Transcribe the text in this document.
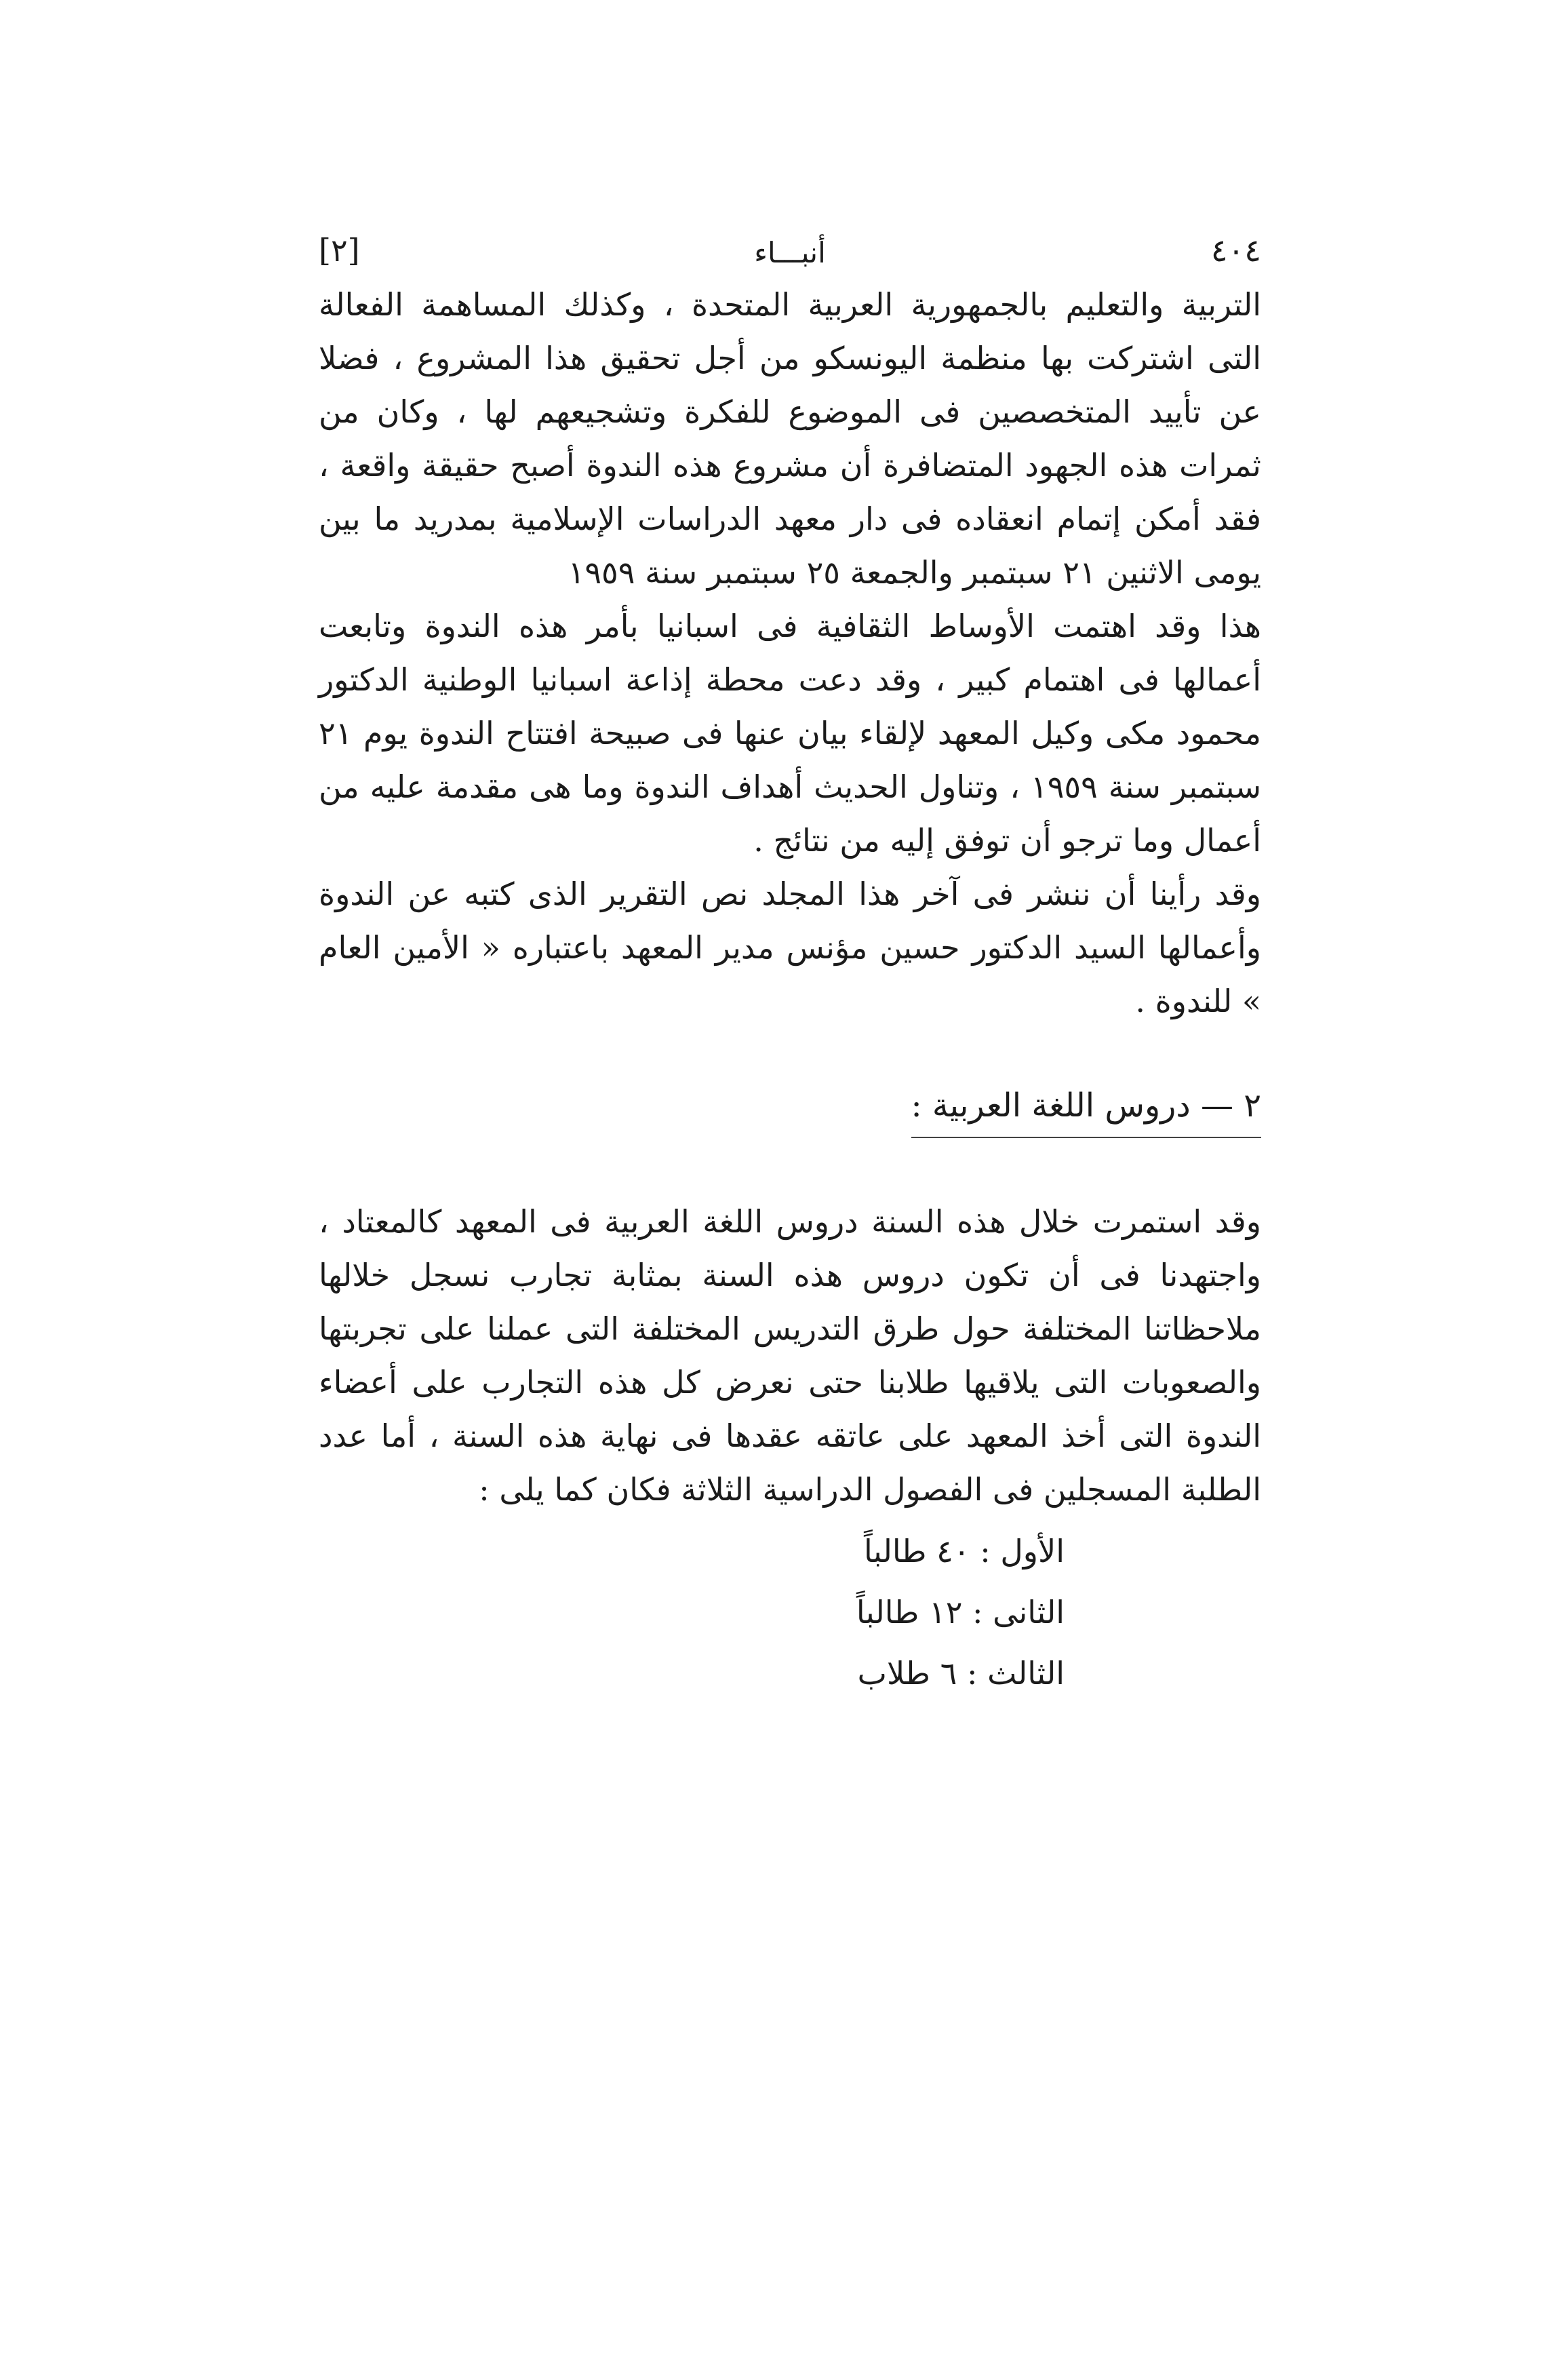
٤٠٤
أنبـــاء
[٢]

التربية والتعليم بالجمهورية العربية المتحدة ، وكذلك المساهمة الفعالة التى اشتركت بها منظمة اليونسكو من أجل تحقيق هذا المشروع ، فضلا عن تأييد المتخصصين فى الموضوع للفكرة وتشجيعهم لها ، وكان من ثمرات هذه الجهود المتضافرة أن مشروع هذه الندوة أصبح حقيقة واقعة ، فقد أمكن إتمام انعقاده فى دار معهد الدراسات الإسلامية بمدريد ما بين يومى الاثنين ٢١ سبتمبر والجمعة ٢٥ سبتمبر سنة ١٩٥٩

هذا وقد اهتمت الأوساط الثقافية فى اسبانيا بأمر هذه الندوة وتابعت أعمالها فى اهتمام كبير ، وقد دعت محطة إذاعة اسبانيا الوطنية الدكتور محمود مكى وكيل المعهد لإلقاء بيان عنها فى صبيحة افتتاح الندوة يوم ٢١ سبتمبر سنة ١٩٥٩ ، وتناول الحديث أهداف الندوة وما هى مقدمة عليه من أعمال وما ترجو أن توفق إليه من نتائج .

وقد رأينا أن ننشر فى آخر هذا المجلد نص التقرير الذى كتبه عن الندوة وأعمالها السيد الدكتور حسين مؤنس مدير المعهد باعتباره « الأمين العام » للندوة .

٢ — دروس اللغة العربية :

وقد استمرت خلال هذه السنة دروس اللغة العربية فى المعهد كالمعتاد ، واجتهدنا فى أن تكون دروس هذه السنة بمثابة تجارب نسجل خلالها ملاحظاتنا المختلفة حول طرق التدريس المختلفة التى عملنا على تجربتها والصعوبات التى يلاقيها طلابنا حتى نعرض كل هذه التجارب على أعضاء الندوة التى أخذ المعهد على عاتقه عقدها فى نهاية هذه السنة ، أما عدد الطلبة المسجلين فى الفصول الدراسية الثلاثة فكان كما يلى :

الأول : ٤٠ طالباً
الثانى : ١٢ طالباً
الثالث : ٦ طلاب
